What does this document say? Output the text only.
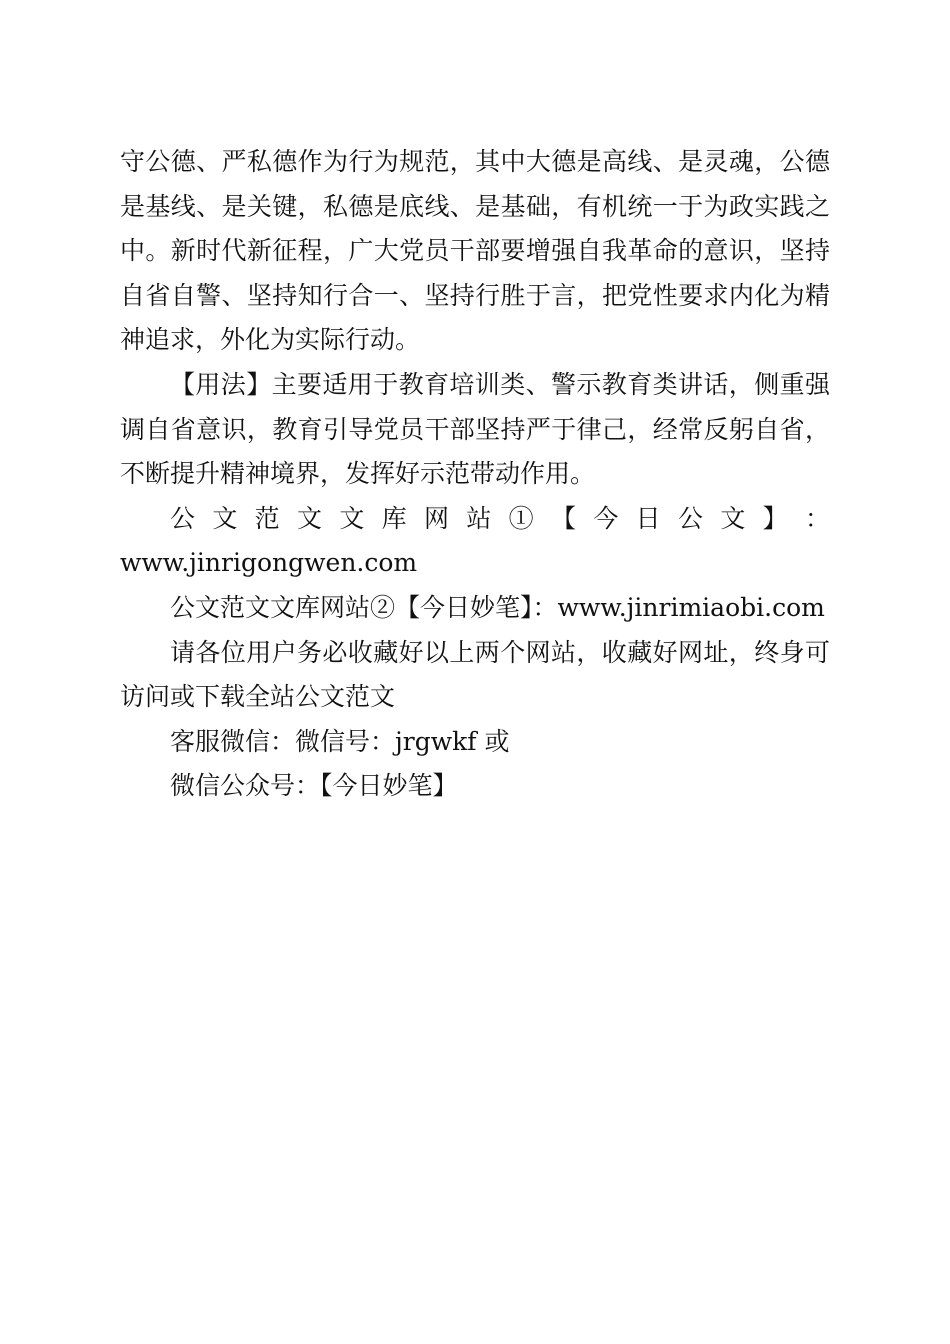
守公德、严私德作为行为规范，其中大德是高线、是灵魂，公德是基线、是关键，私德是底线、是基础，有机统一于为政实践之中。新时代新征程，广大党员干部要增强自我革命的意识，坚持自省自警、坚持知行合一、坚持行胜于言，把党性要求内化为精神追求，外化为实际行动。

【用法】主要适用于教育培训类、警示教育类讲话，侧重强调自省意识，教育引导党员干部坚持严于律己，经常反躬自省，不断提升精神境界，发挥好示范带动作用。

公 文 范 文 文 库 网 站 ① 【 今 日 公 文 】 ：

www.jinrigongwen.com

公文范文文库网站②【今日妙笔】：www.jinrimiaobi.com

请各位用户务必收藏好以上两个网站，收藏好网址，终身可访问或下载全站公文范文

客服微信：微信号：jrgwkf 或

微信公众号：【今日妙笔】
